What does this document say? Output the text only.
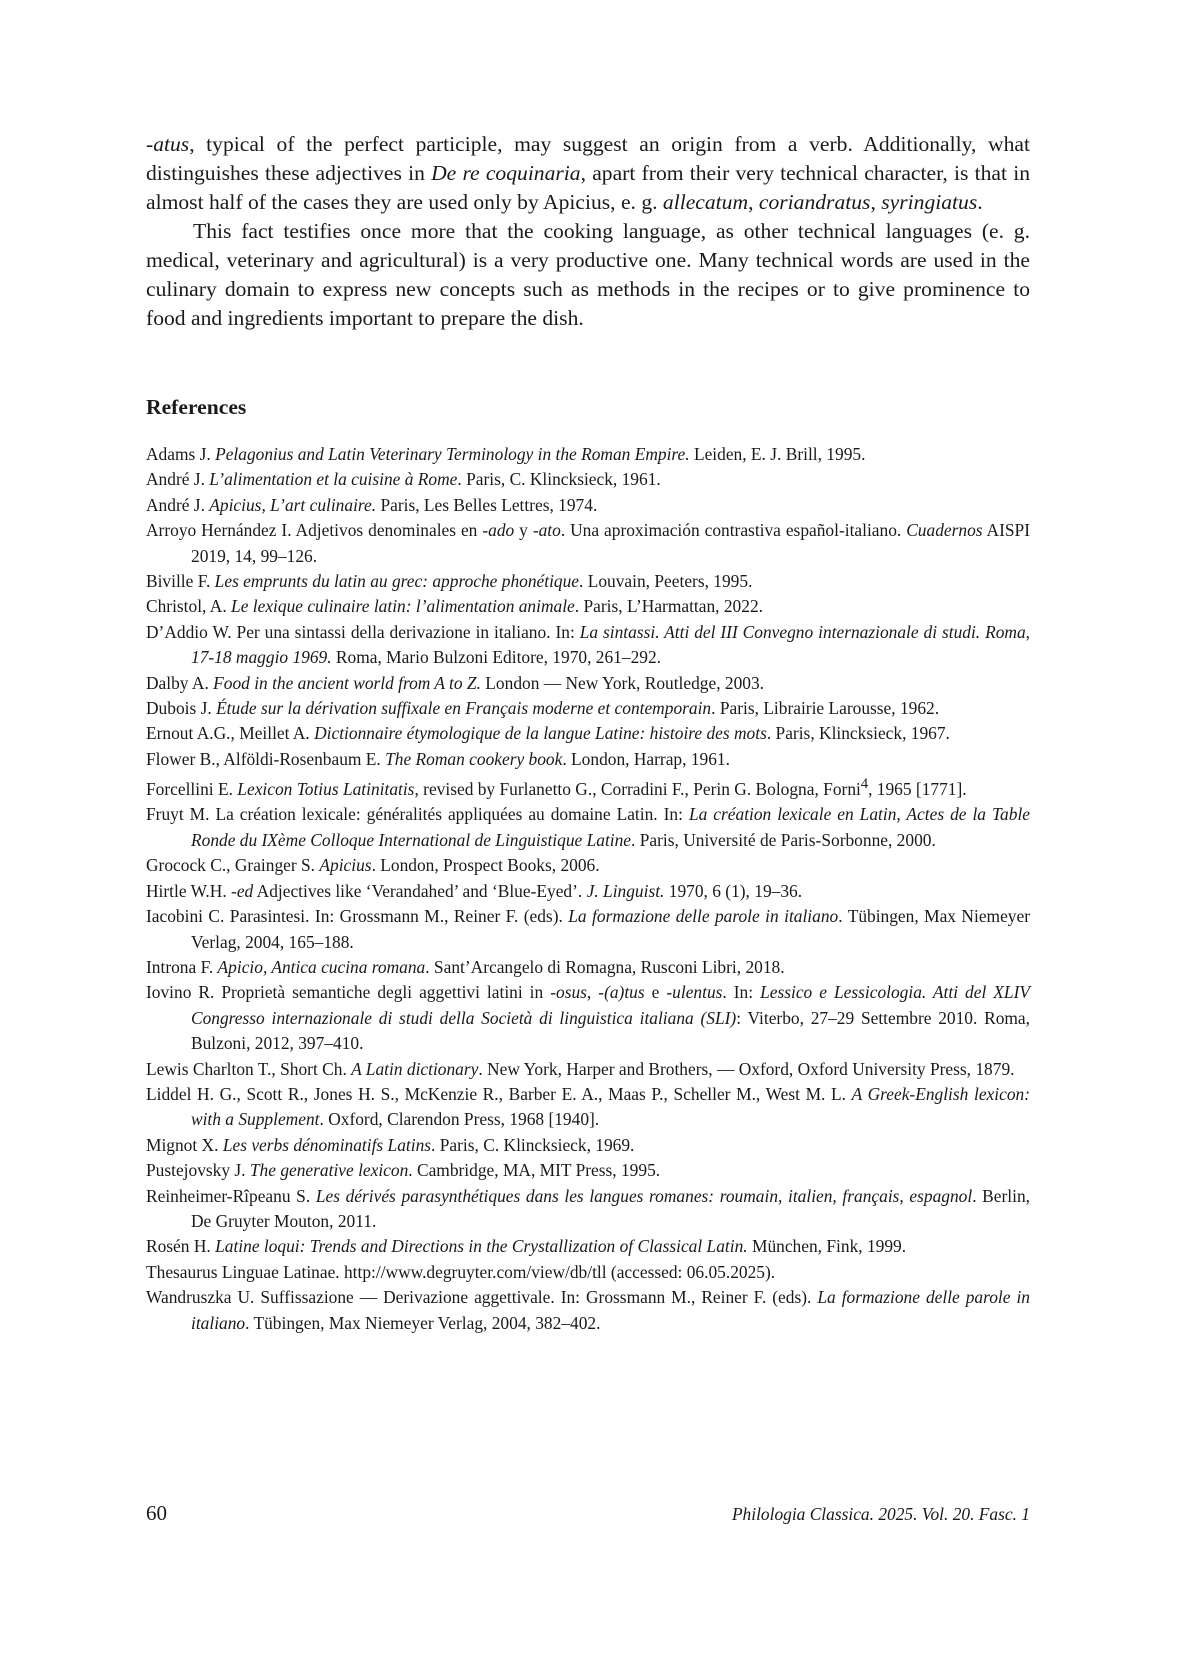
-atus, typical of the perfect participle, may suggest an origin from a verb. Additionally, what distinguishes these adjectives in De re coquinaria, apart from their very technical character, is that in almost half of the cases they are used only by Apicius, e. g. allecatum, coriandratus, syringiatus.

This fact testifies once more that the cooking language, as other technical languages (e. g. medical, veterinary and agricultural) is a very productive one. Many technical words are used in the culinary domain to express new concepts such as methods in the recipes or to give prominence to food and ingredients important to prepare the dish.

References
Adams J. Pelagonius and Latin Veterinary Terminology in the Roman Empire. Leiden, E. J. Brill, 1995.
André J. L’alimentation et la cuisine à Rome. Paris, C. Klincksieck, 1961.
André J. Apicius, L’art culinaire. Paris, Les Belles Lettres, 1974.
Arroyo Hernández I. Adjetivos denominales en -ado y -ato. Una aproximación contrastiva español-italiano. Cuadernos AISPI 2019, 14, 99–126.
Biville F. Les emprunts du latin au grec: approche phonétique. Louvain, Peeters, 1995.
Christol, A. Le lexique culinaire latin: l’alimentation animale. Paris, L’Harmattan, 2022.
D’Addio W. Per una sintassi della derivazione in italiano. In: La sintassi. Atti del III Convegno internazionale di studi. Roma, 17-18 maggio 1969. Roma, Mario Bulzoni Editore, 1970, 261–292.
Dalby A. Food in the ancient world from A to Z. London — New York, Routledge, 2003.
Dubois J. Étude sur la dérivation suffixale en Français moderne et contemporain. Paris, Librairie Larousse, 1962.
Ernout A.G., Meillet A. Dictionnaire étymologique de la langue Latine: histoire des mots. Paris, Klincksieck, 1967.
Flower B., Alföldi-Rosenbaum E. The Roman cookery book. London, Harrap, 1961.
Forcellini E. Lexicon Totius Latinitatis, revised by Furlanetto G., Corradini F., Perin G. Bologna, Forni$^4$, 1965 [1771].
Fruyt M. La création lexicale: généralités appliquées au domaine Latin. In: La création lexicale en Latin, Actes de la Table Ronde du IXème Colloque International de Linguistique Latine. Paris, Université de Paris-Sorbonne, 2000.
Grocock C., Grainger S. Apicius. London, Prospect Books, 2006.
Hirtle W.H. -ed Adjectives like ‘Verandahed’ and ‘Blue-Eyed’. J. Linguist. 1970, 6 (1), 19–36.
Iacobini C. Parasintesi. In: Grossmann M., Reiner F. (eds). La formazione delle parole in italiano. Tübingen, Max Niemeyer Verlag, 2004, 165–188.
Introna F. Apicio, Antica cucina romana. Sant’Arcangelo di Romagna, Rusconi Libri, 2018.
Iovino R. Proprietà semantiche degli aggettivi latini in -osus, -(a)tus e -ulentus. In: Lessico e Lessicologia. Atti del XLIV Congresso internazionale di studi della Società di linguistica italiana (SLI): Viterbo, 27–29 Settembre 2010. Roma, Bulzoni, 2012, 397–410.
Lewis Charlton T., Short Ch. A Latin dictionary. New York, Harper and Brothers, — Oxford, Oxford University Press, 1879.
Liddel H. G., Scott R., Jones H. S., McKenzie R., Barber E. A., Maas P., Scheller M., West M. L. A Greek-English lexicon: with a Supplement. Oxford, Clarendon Press, 1968 [1940].
Mignot X. Les verbs dénominatifs Latins. Paris, C. Klincksieck, 1969.
Pustejovsky J. The generative lexicon. Cambridge, MA, MIT Press, 1995.
Reinheimer-Rîpeanu S. Les dérivés parasynthétiques dans les langues romanes: roumain, italien, français, espagnol. Berlin, De Gruyter Mouton, 2011.
Rosén H. Latine loqui: Trends and Directions in the Crystallization of Classical Latin. München, Fink, 1999.
Thesaurus Linguae Latinae. http://www.degruyter.com/view/db/tll (accessed: 06.05.2025).
Wandruszka U. Suffissazione — Derivazione aggettivale. In: Grossmann M., Reiner F. (eds). La formazione delle parole in italiano. Tübingen, Max Niemeyer Verlag, 2004, 382–402.
60	Philologia Classica. 2025. Vol. 20. Fasc. 1
